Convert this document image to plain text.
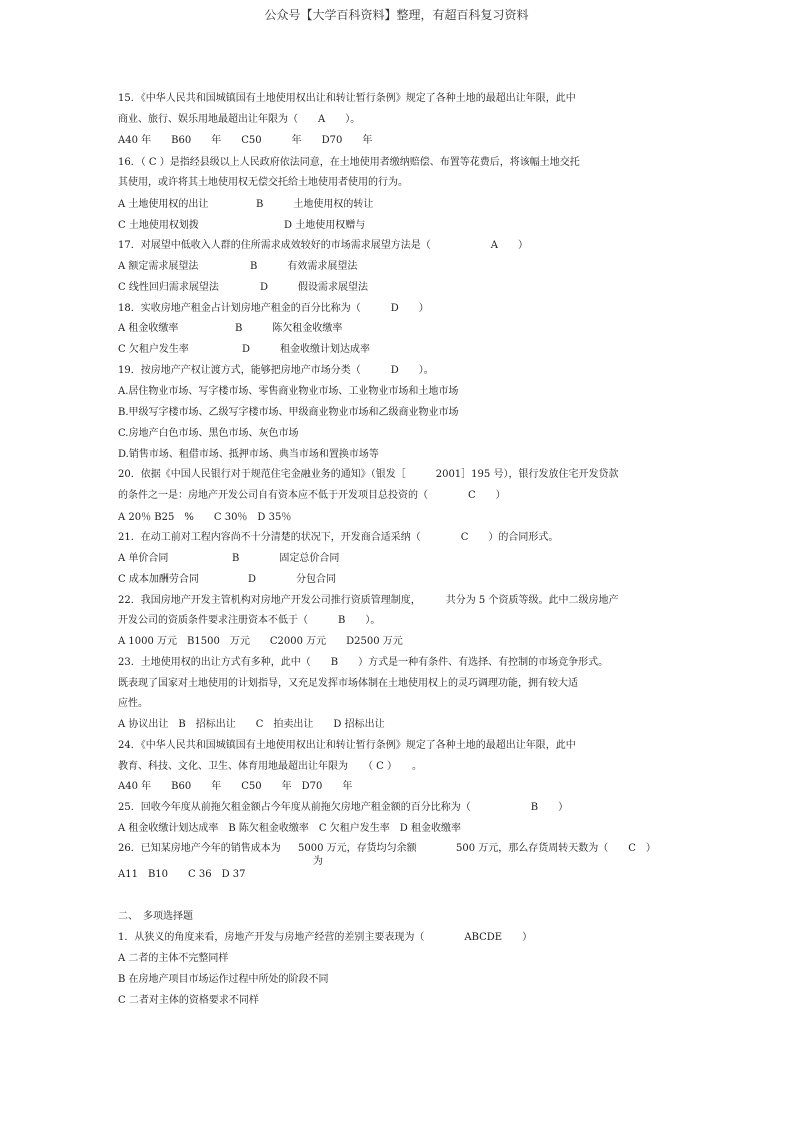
公众号【大学百科资料】整理，有超百科复习资料
15．《中华人民共和国城镇国有土地使用权出让和转让暂行条例》规定了各种土地的最超出让年限，此中
商业、旅行、娱乐用地最超出让年限为（　　A　　）。
A40 年　　B60　　年　　C50　　　年　　D70　　年
16．（ C ）是指经县级以上人民政府依法同意，在土地使用者缴纳赔偿、布置等花费后，将该幅土地交托
其使用，或许将其土地使用权无偿交托给土地使用者使用的行为。
A 土地使用权的出让	B　　　土地使用权的转让
C 土地使用权划拨	D 土地使用权赠与
17．对展望中低收入人群的住所需求成效较好的市场需求展望方法是（　　　　　　A　　）
A 额定需求展望法	B　　　有效需求展望法
C 线性回归需求展望法	D　　　假设需求展望法
18．实收房地产租金占计划房地产租金的百分比称为（　　　D　　）
A 租金收缴率	B　　　陈欠租金收缴率
C 欠租户发生率	D　　　租金收缴计划达成率
19．按房地产产权让渡方式，能够把房地产市场分类（　　　D　　）。
A.居住物业市场、写字楼市场、零售商业物业市场、工业物业市场和土地市场
B.甲级写字楼市场、乙级写字楼市场、甲级商业物业市场和乙级商业物业市场
C.房地产白色市场、黑色市场、灰色市场
D.销售市场、租借市场、抵押市场、典当市场和置换市场等
20．依据《中国人民银行对于规范住宅金融业务的通知》（银发［　　　2001］195 号），银行发放住宅开发贷款
的条件之一是：房地产开发公司自有资本应不低于开发项目总投资的（　　　　C　　）
A 20％ B25　%　　C 30％　D 35％
21．在动工前对工程内容尚不十分清楚的状况下，开发商合适采纳（　　　　C　　）的合同形式。
A 单价合同	B　　　　固定总价合同
C 成本加酬劳合同	D　　　　分包合同
22．我国房地产开发主管机构对房地产开发公司推行资质管理制度，　　　共分为 5 个资质等级。此中二级房地产
开发公司的资质条件要求注册资本不低于（　　　B　　）。
A 1000 万元　B1500　万元　　C2000 万元　　D2500 万元
23．土地使用权的出让方式有多种，此中（　　B　　）方式是一种有条件、有选择、有控制的市场竞争形式。
既表现了国家对土地使用的计划指导，又充足发挥市场体制在土地使用权上的灵巧调理功能，拥有较大适
应性。
A 协议出让　B　招标出让　　C　拍卖出让　　D 招标出让
24．《中华人民共和国城镇国有土地使用权出让和转让暂行条例》规定了各种土地的最超出让年限，此中
教育、科技、文化、卫生、体育用地最超出让年限为　　（ C ）　　。
A40 年　　B60　　年　　C50　　年　D70　　年
25．回收今年度从前拖欠租金额占今年度从前拖欠房地产租金额的百分比称为（　　　　　　B　　）
A 租金收缴计划达成率　B 陈欠租金收缴率　C 欠租户发生率　D 租金收缴率
26．已知某房地产今年的销售成本为 5000 万元，存货均匀余额
为
500 万元，那么存货周转天数为（　　C　）
A11　B10　　C 36　D 37
二、　多项选择题
1．从狭义的角度来看，房地产开发与房地产经营的差别主要表现为（　　　　ABCDE　　）
A 二者的主体不完整同样
B 在房地产项目市场运作过程中所处的阶段不同
C 二者对主体的资格要求不同样
